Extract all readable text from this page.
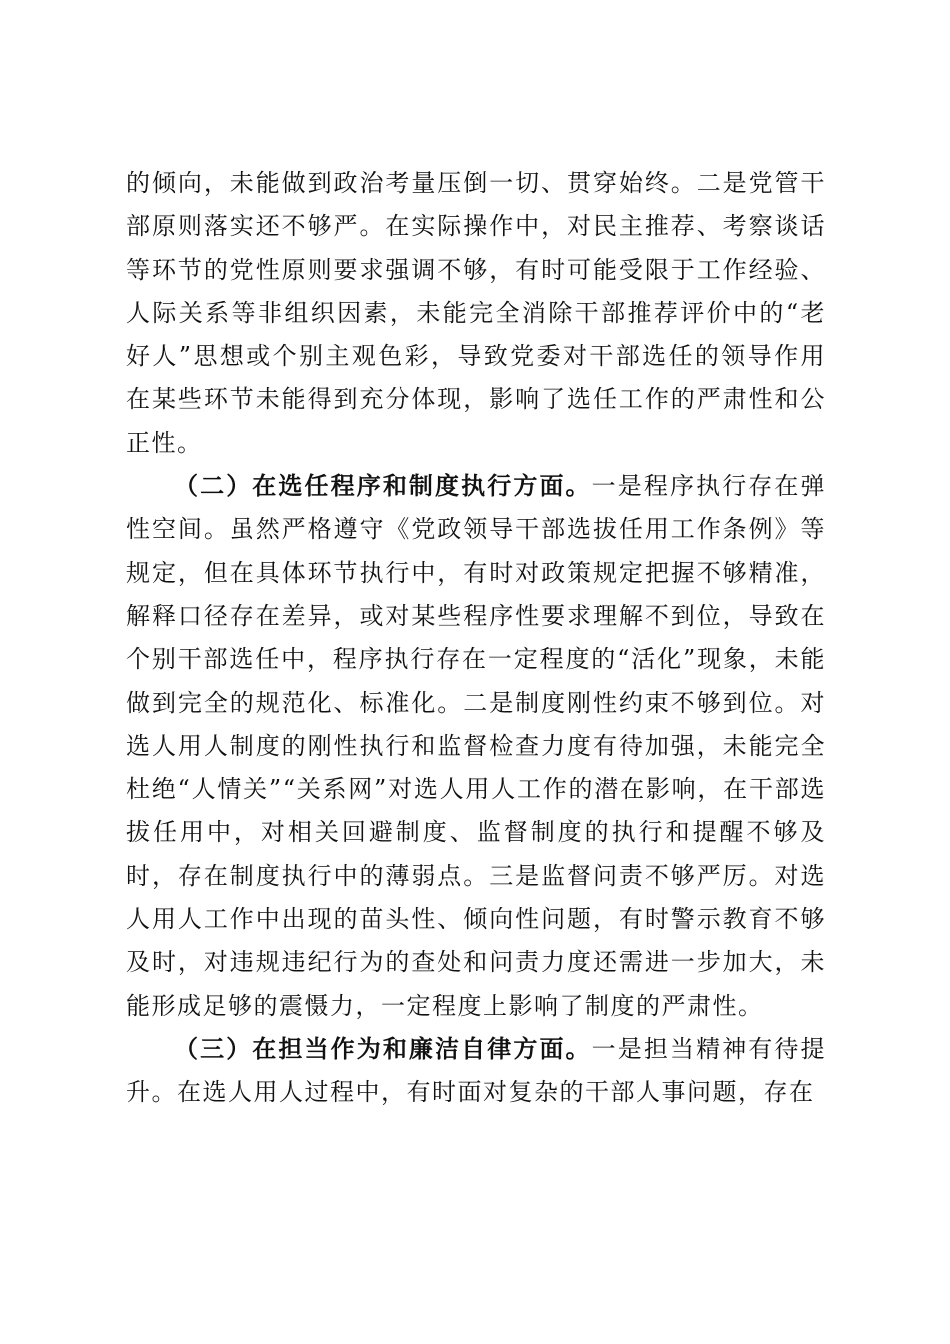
的倾向，未能做到政治考量压倒一切、贯穿始终。二是党管干部原则落实还不够严。在实际操作中，对民主推荐、考察谈话等环节的党性原则要求强调不够，有时可能受限于工作经验、人际关系等非组织因素，未能完全消除干部推荐评价中的“老好人”思想或个别主观色彩，导致党委对干部选任的领导作用在某些环节未能得到充分体现，影响了选任工作的严肃性和公正性。

（二）在选任程序和制度执行方面。一是程序执行存在弹性空间。虽然严格遵守《党政领导干部选拔任用工作条例》等规定，但在具体环节执行中，有时对政策规定把握不够精准，解释口径存在差异，或对某些程序性要求理解不到位，导致在个别干部选任中，程序执行存在一定程度的“活化”现象，未能做到完全的规范化、标准化。二是制度刚性约束不够到位。对选人用人制度的刚性执行和监督检查力度有待加强，未能完全杜绝“人情关”“关系网”对选人用人工作的潜在影响，在干部选拔任用中，对相关回避制度、监督制度的执行和提醒不够及时，存在制度执行中的薄弱点。三是监督问责不够严厉。对选人用人工作中出现的苗头性、倾向性问题，有时警示教育不够及时，对违规违纪行为的查处和问责力度还需进一步加大，未能形成足够的震慑力，一定程度上影响了制度的严肃性。

（三）在担当作为和廉洁自律方面。一是担当精神有待提升。在选人用人过程中，有时面对复杂的干部人事问题，存在
